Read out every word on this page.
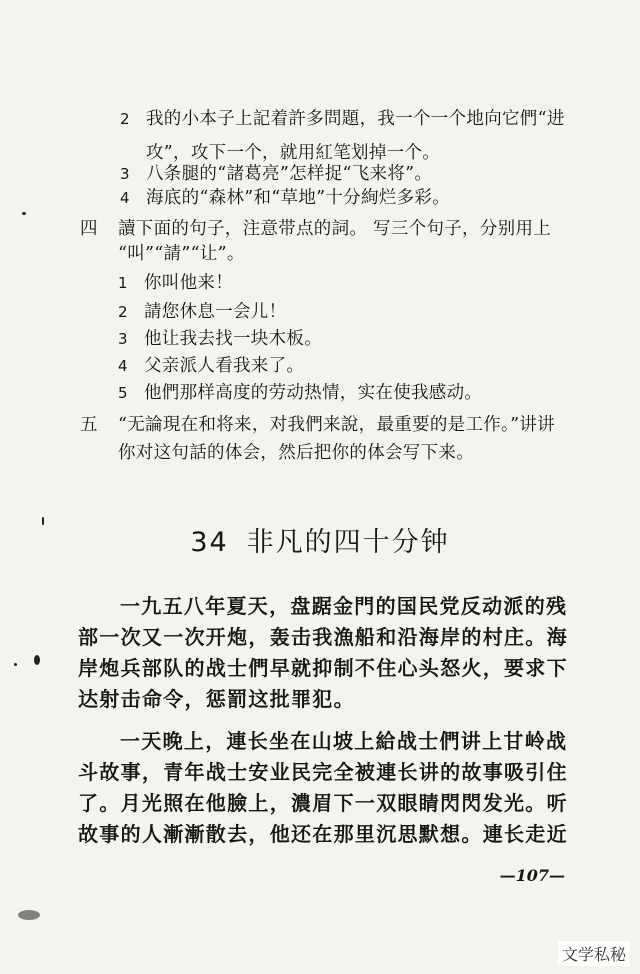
2 我的小本子上記着許多問題，我一个一个地向它們“进
攻”，攻下一个，就用紅笔划掉一个。
3 八条腿的“諸葛亮”怎样捉“飞来将”。
4 海底的“森林”和“草地”十分絢烂多彩。
四 讀下面的句子，注意带点的詞。 写三个句子，分别用上
“叫”“請”“让”。
1 你叫他来！
2 請您休息一会儿！
3 他让我去找一块木板。
4 父亲派人看我来了。
5 他們那样高度的劳动热情，实在使我感动。
五 “无論現在和将来，对我們来說，最重要的是工作。”讲讲
你对这句話的体会，然后把你的体会写下来。
34 非凡的四十分钟
一九五八年夏天，盘踞金門的国民党反动派的残
部一次又一次开炮，轰击我漁船和沿海岸的村庄。海
岸炮兵部队的战士們早就抑制不住心头怒火，要求下
达射击命令，惩罰这批罪犯。
一天晚上，連长坐在山坡上給战士們讲上甘岭战
斗故事，青年战士安业民完全被連长讲的故事吸引住
了。月光照在他臉上，濃眉下一双眼睛閃閃发光。听
故事的人漸漸散去，他还在那里沉思默想。連长走近
—107—
文学私秘
